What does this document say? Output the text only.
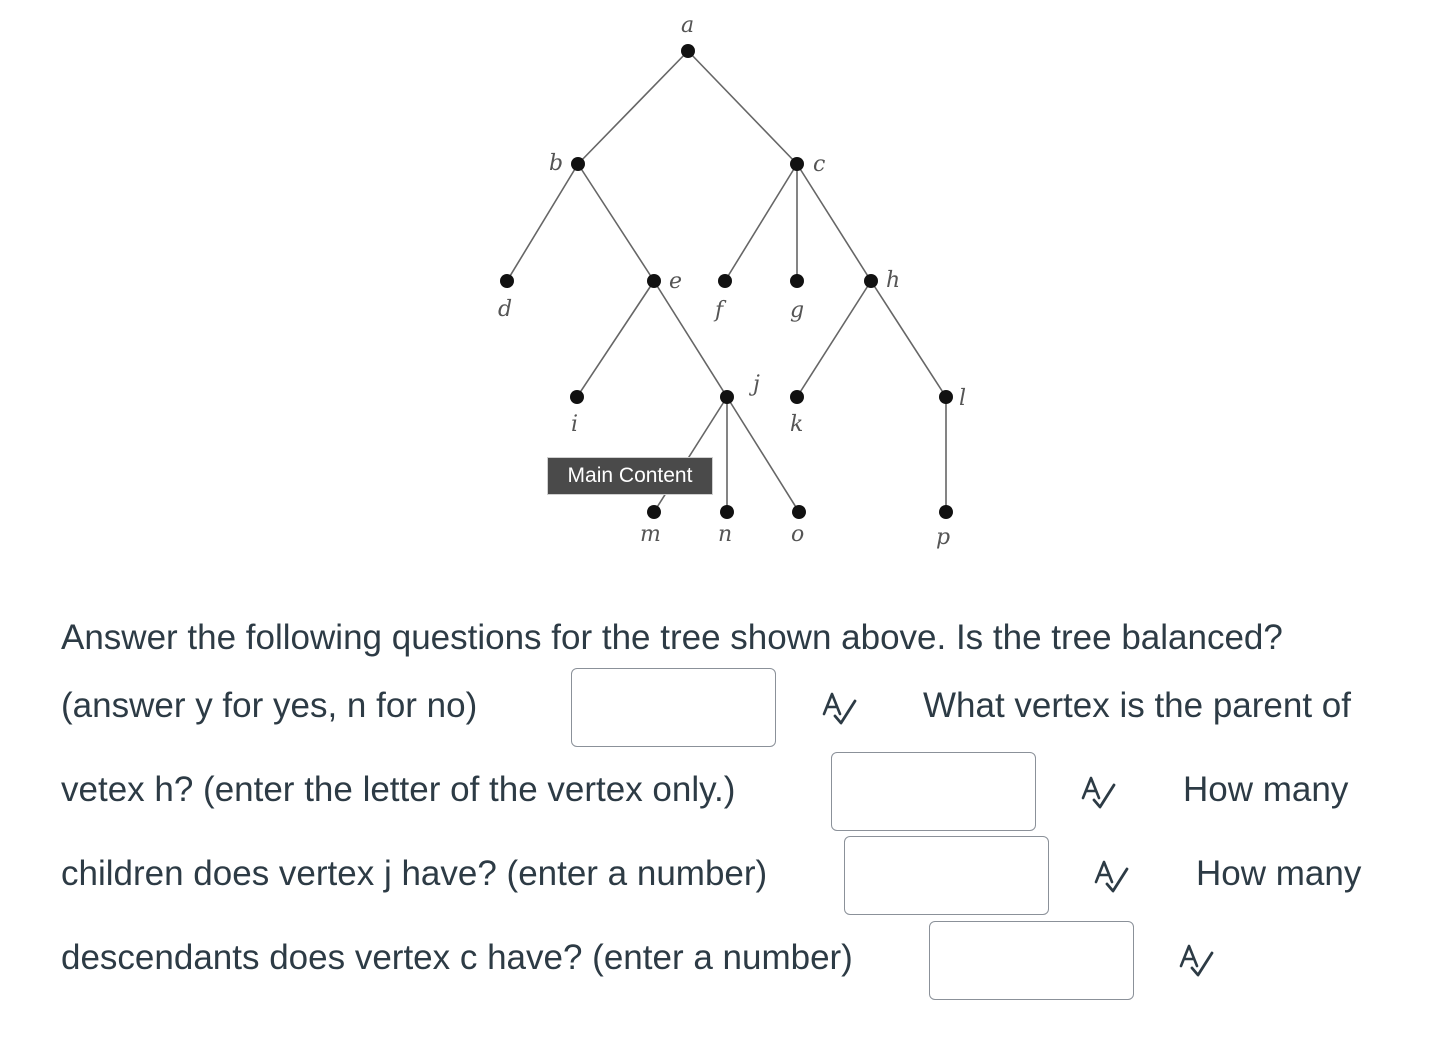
a
b	c
d
e
f	g
h
i
j
k
l
m	n	o	p
Main Content
Answer the following questions for the tree shown above. Is the tree balanced?
(answer y for yes, n for no)	What vertex is the parent of
vetex h? (enter the letter of the vertex only.)	How many
children does vertex j have? (enter a number)	How many
descendants does vertex c have? (enter a number)
